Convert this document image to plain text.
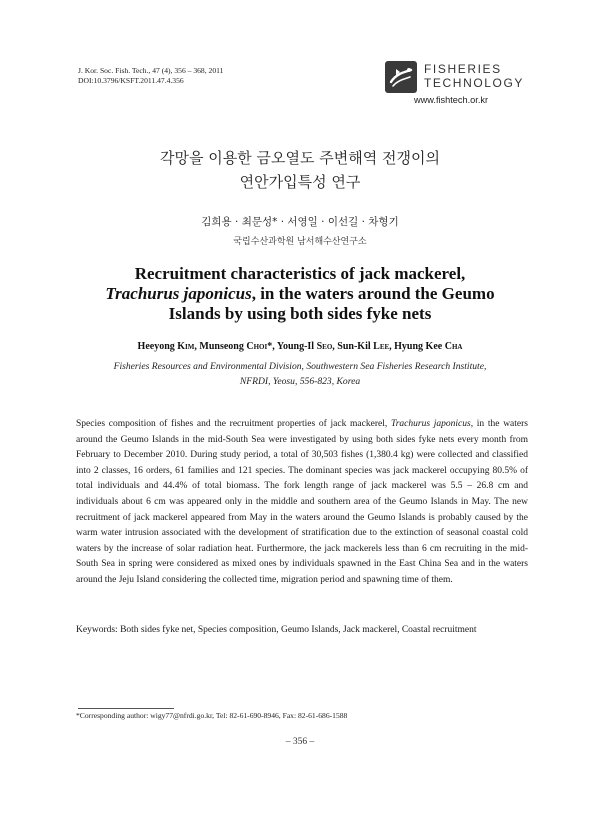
J. Kor. Soc. Fish. Tech., 47 (4), 356 – 368, 2011
DOI:10.3796/KSFT.2011.47.4.356
FISHERIES
TECHNOLOGY
www.fishtech.or.kr
각망을 이용한 금오열도 주변해역 전갱이의
연안가입특성 연구
김희용 · 최문성* · 서영일 · 이선길 · 차형기
국립수산과학원 남서해수산연구소
Recruitment characteristics of jack mackerel,
Trachurus japonicus, in the waters around the Geumo
Islands by using both sides fyke nets
Heeyong Kim, Munseong Choi*, Young-Il Seo, Sun-Kil Lee, Hyung Kee Cha
Fisheries Resources and Environmental Division, Southwestern Sea Fisheries Research Institute,
NFRDI, Yeosu, 556-823, Korea

Species composition of fishes and the recruitment properties of jack mackerel, Trachurus japonicus, in the waters around the Geumo Islands in the mid-South Sea were investigated by using both sides fyke nets every month from February to December 2010. During study period, a total of 30,503 fishes (1,380.4 kg) were collected and classified into 2 classes, 16 orders, 61 families and 121 species. The dominant species was jack mackerel occupying 80.5% of total individuals and 44.4% of total biomass. The fork length range of jack mackerel was 5.5 – 26.8 cm and individuals about 6 cm was appeared only in the middle and southern area of the Geumo Islands in May. The new recruitment of jack mackerel appeared from May in the waters around the Geumo Islands is probably caused by the warm water intrusion associated with the development of stratification due to the extinction of seasonal coastal cold waters by the increase of solar radiation heat. Furthermore, the jack mackerels less than 6 cm recruiting in the mid-South Sea in spring were considered as mixed ones by individuals spawned in the East China Sea and in the waters around the Jeju Island considering the collected time, migration period and spawning time of them.

Keywords: Both sides fyke net, Species composition, Geumo Islands, Jack mackerel, Coastal recruitment
*Corresponding author: wigy77@nfrdi.go.kr, Tel: 82-61-690-8946, Fax: 82-61-686-1588
– 356 –
